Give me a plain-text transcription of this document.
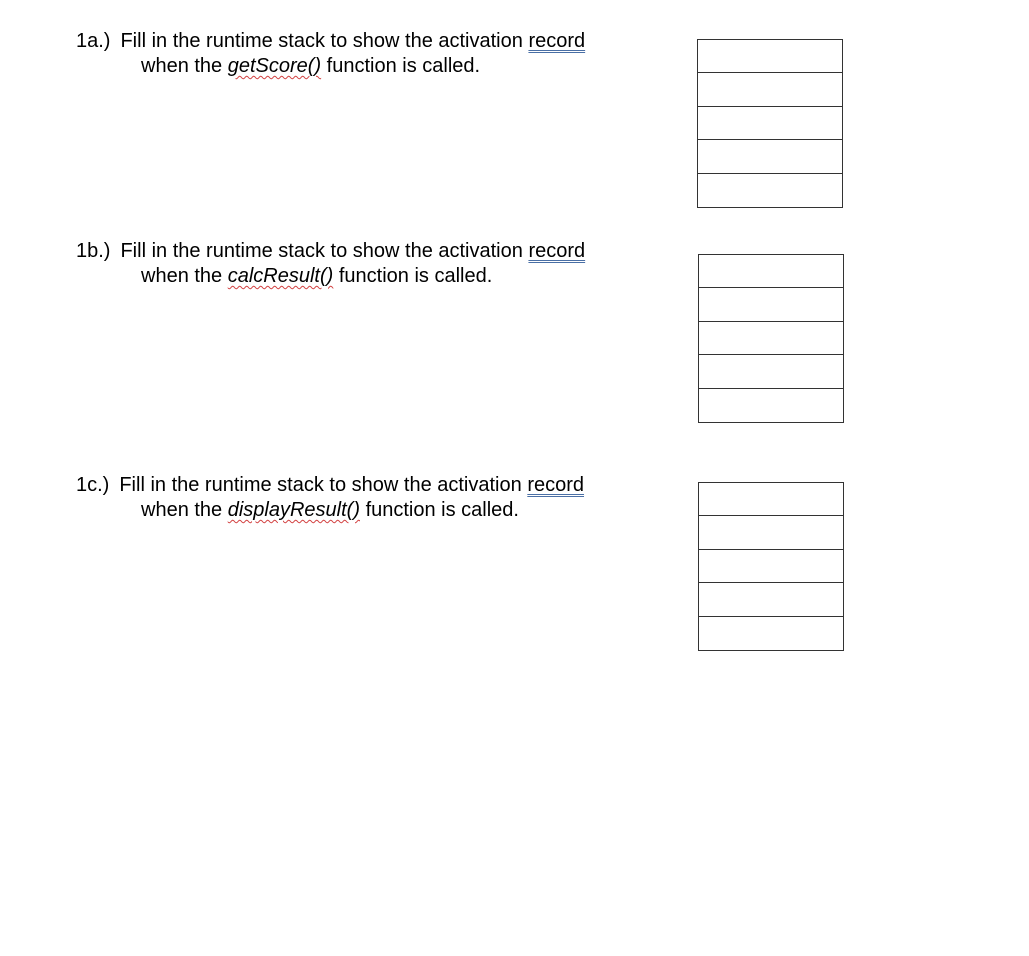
1a.) Fill in the runtime stack to show the activation record
when the getScore() function is called.
1b.) Fill in the runtime stack to show the activation record
when the calcResult() function is called.
1c.) Fill in the runtime stack to show the activation record
when the displayResult() function is called.
